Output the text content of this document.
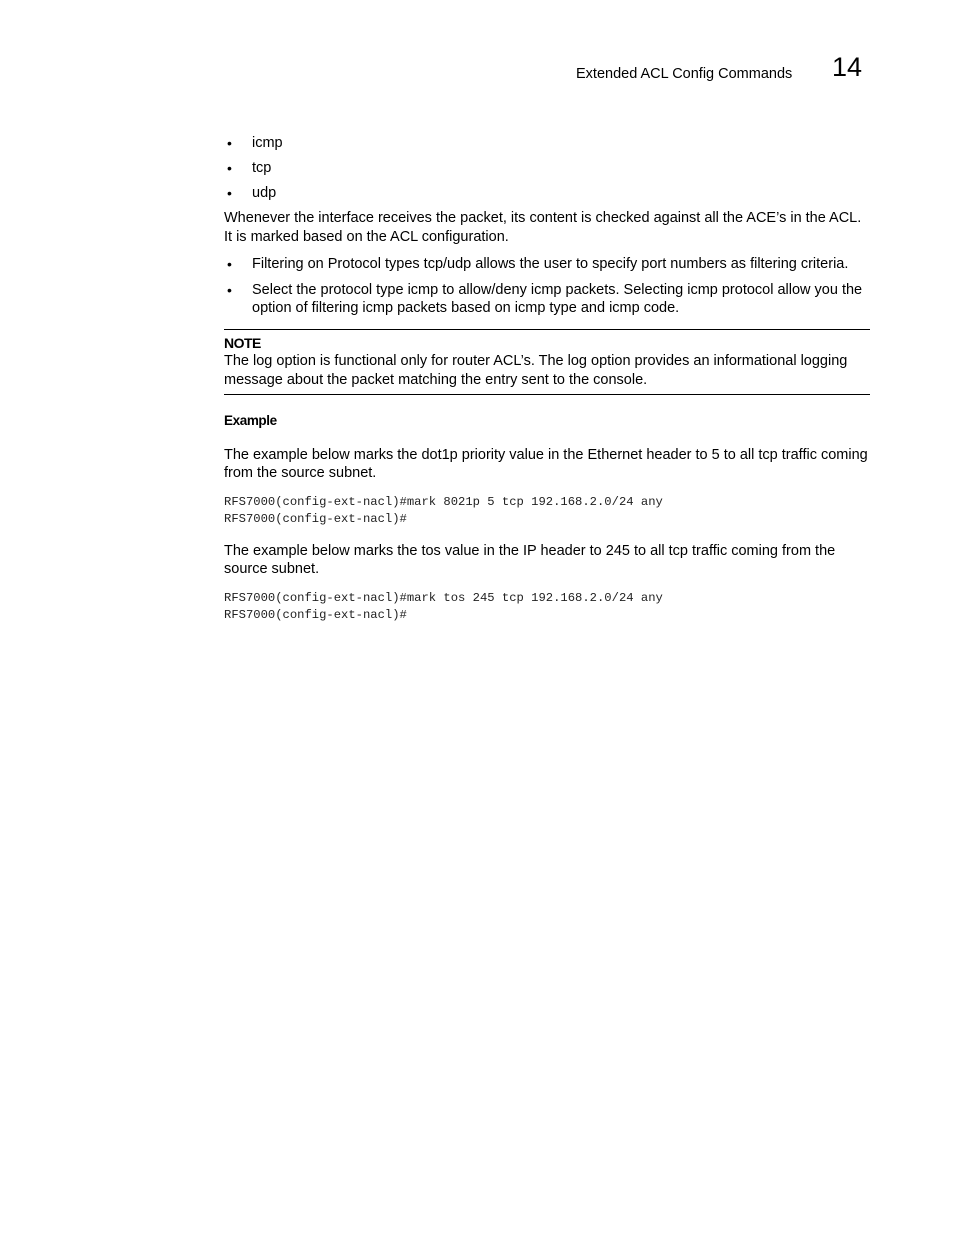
Extended ACL Config Commands 14
• icmp
• tcp
• udp

Whenever the interface receives the packet, its content is checked against all the ACE’s in the ACL. It is marked based on the ACL configuration.

• Filtering on Protocol types tcp/udp allows the user to specify port numbers as filtering criteria.
• Select the protocol type icmp to allow/deny icmp packets. Selecting icmp protocol allow you the option of filtering icmp packets based on icmp type and icmp code.
NOTE
The log option is functional only for router ACL’s. The log option provides an informational logging message about the packet matching the entry sent to the console.
Example

The example below marks the dot1p priority value in the Ethernet header to 5 to all tcp traffic coming from the source subnet.

RFS7000(config-ext-nacl)#mark 8021p 5 tcp 192.168.2.0/24 any
RFS7000(config-ext-nacl)#

The example below marks the tos value in the IP header to 245 to all tcp traffic coming from the source subnet.

RFS7000(config-ext-nacl)#mark tos 245 tcp 192.168.2.0/24 any
RFS7000(config-ext-nacl)#
